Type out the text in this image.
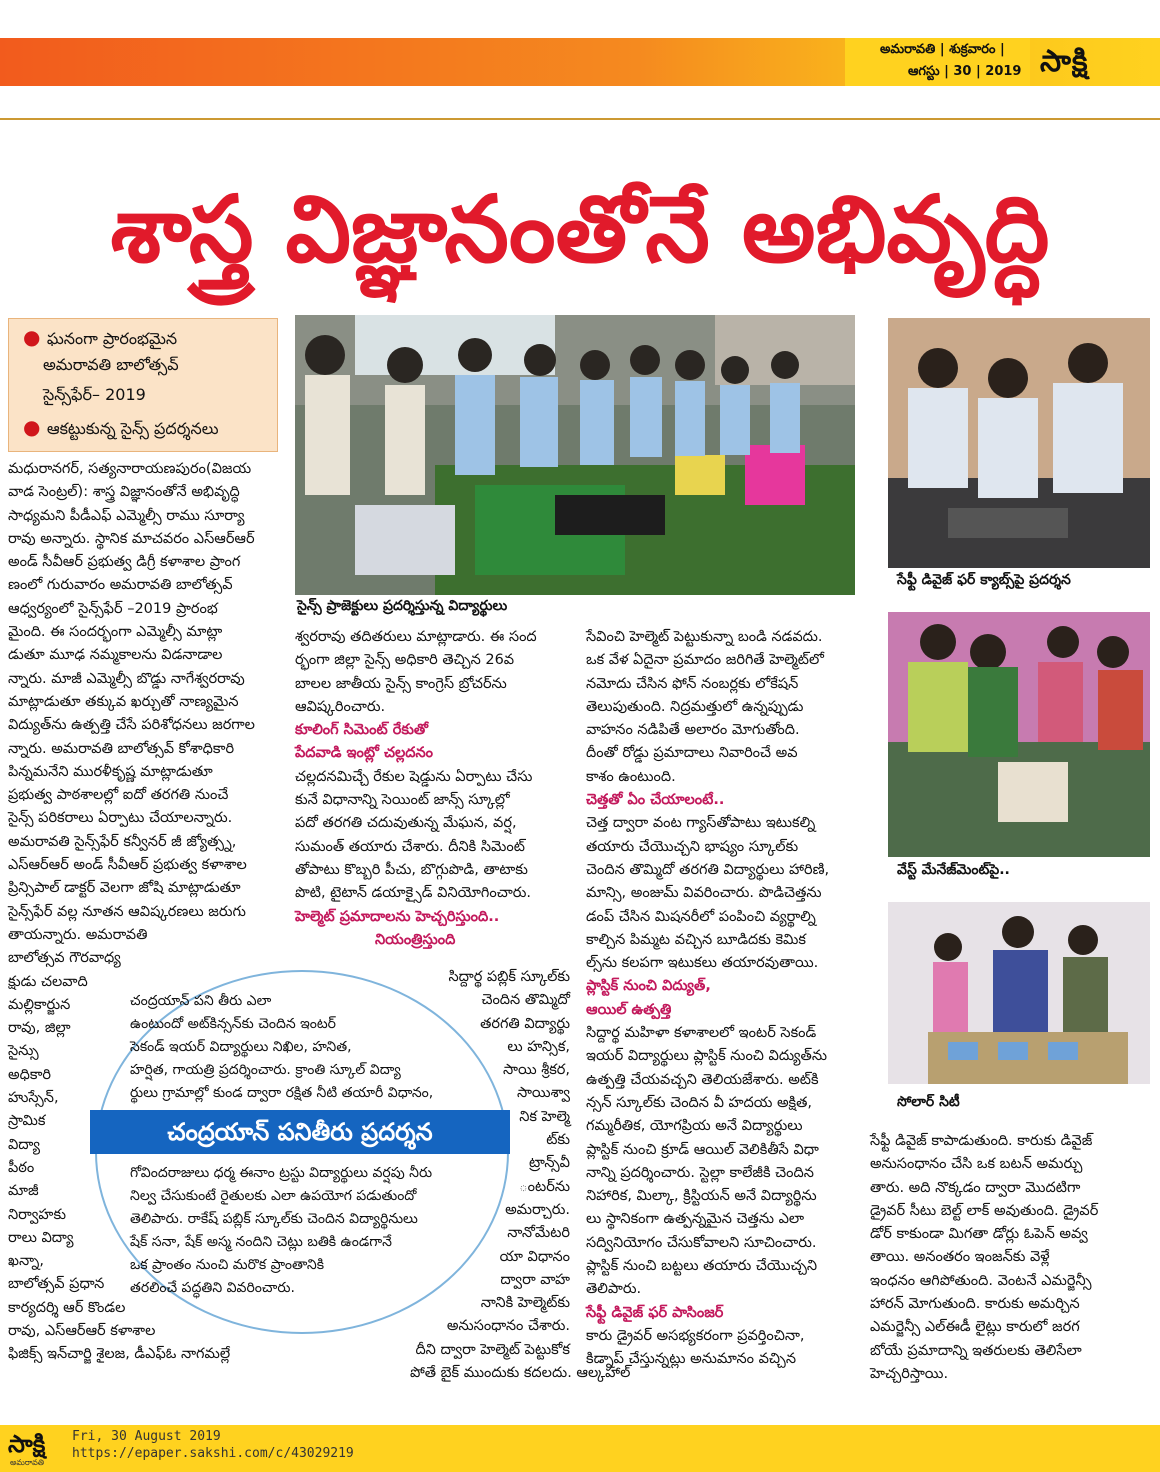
అమరావతి | శుక్రవారం |
ఆగస్టు | 30 | 2019 సాక్షి
శాస్త్ర విజ్ఞానంతోనే అభివృద్ధి
● ఘనంగా ప్రారంభమైన
అమరావతి బాలోత్సవ్
సైన్స్‌ఫేర్‌– 2019
● ఆకట్టుకున్న సైన్స్‌ ప్రదర్శనలు
సైన్స్‌ ప్రాజెక్టులు ప్రదర్శిస్తున్న విద్యార్థులు
సేఫ్టీ డివైజ్‌ ఫర్‌ క్యాబ్స్‌పై ప్రదర్శన
వేస్ట్‌ మేనేజ్‌మెంట్‌పై..
సోలార్‌ సిటీ

మధురానగర్‌, సత్యనారాయణపురం(విజయ

వాడ సెంట్రల్‌): శాస్త్ర విజ్ఞానంతోనే అభివృద్ధి

సాధ్యమని పీడీఎఫ్‌ ఎమ్మెల్సీ రాము సూర్యా

రావు అన్నారు. స్థానిక మాచవరం ఎస్‌ఆర్‌ఆర్‌

అండ్‌ సీవీఆర్‌ ప్రభుత్వ డిగ్రీ కళాశాల ప్రాంగ

ణంలో గురువారం అమరావతి బాలోత్సవ్‌

ఆధ్వర్యంలో సైన్స్‌ఫేర్‌ –2019 ప్రారంభ

మైంది. ఈ సందర్భంగా ఎమ్మెల్సీ మాట్లా

డుతూ మూఢ నమ్మకాలను విడనాడాల

న్నారు. మాజీ ఎమ్మెల్సీ బొడ్డు నాగేశ్వరరావు

మాట్లాడుతూ తక్కువ ఖర్చుతో నాణ్యమైన

విద్యుత్‌ను ఉత్పత్తి చేసే పరిశోధనలు జరగాల

న్నారు. అమరావతి బాలోత్సవ్‌ కోశాధికారి

పిన్నమనేని మురళీకృష్ణ మాట్లాడుతూ

ప్రభుత్వ పాఠశాలల్లో ఐదో తరగతి నుంచే

సైన్స్‌ పరికరాలు ఏర్పాటు చేయాలన్నారు.

అమరావతి సైన్స్‌ఫేర్‌ కన్వీనర్‌ జీ జ్యోత్స్న,

ఎస్‌ఆర్‌ఆర్‌ అండ్‌ సీవీఆర్‌ ప్రభుత్వ కళాశాల

ప్రిన్సిపాల్‌ డాక్టర్‌ వెలగా జోషి మాట్లాడుతూ

సైన్స్‌ఫేర్‌ వల్ల నూతన ఆవిష్కరణలు జరుగు

తాయన్నారు. అమరావతి

బాలోత్సవ గౌరవాధ్య

క్షుడు చలవాది

మల్లికార్జున

రావు, జిల్లా

సైన్సు

అధికారి

హుస్సేన్‌,

స్రామిక

విద్యా

పీఠం

మాజీ

నిర్వాహకు

రాలు విద్యా

ఖన్నా,

బాలోత్సవ్‌ ప్రధాన

కార్యదర్శి ఆర్‌ కొండల

రావు, ఎస్‌ఆర్‌ఆర్‌ కళాశాల

ఫిజిక్స్‌ ఇన్‌చార్జి శైలజ, డీఎఫ్‌ఓ నాగమల్లే

శ్వరరావు తదితరులు మాట్లాడారు. ఈ సంద

ర్భంగా జిల్లా సైన్స్‌ అధికారి తెచ్చిన 26వ

బాలల జాతీయ సైన్స్‌ కాంగ్రెస్‌ బ్రోచర్‌ను

ఆవిష్కరించారు.

కూలింగ్‌ సిమెంట్‌ రేకుతో

పేదవాడి ఇంట్లో చల్లదనం

చల్లదనమిచ్చే రేకుల షెడ్డును ఏర్పాటు చేసు

కునే విధానాన్ని సెయింట్‌ జాన్స్‌ స్కూల్లో

పదో తరగతి చదువుతున్న మేఘన, వర్ష,

సుమంత్‌ తయారు చేశారు. దీనికి సిమెంట్‌

తోపాటు కొబ్బరి పీచు, బొగ్గుపొడి, తాటాకు

పొటి, టైటాన్‌ డయాక్సైడ్‌ వినియోగించారు.

హెల్మెట్‌ ప్రమాదాలను హెచ్చరిస్తుంది..

నియంత్రిస్తుంది

సిద్దార్థ పబ్లిక్‌ స్కూల్‌కు

చెందిన తొమ్మిదో

తరగతి విద్యార్థు

లు హన్సిక,

సాయి శ్రీకర,

సాయిశ్వా

నిక హెల్మె

ట్‌కు

ట్రాన్స్‌వీ

ంటర్‌ను

అమర్చారు.

నానోమేటరి

యా విధానం

ద్వారా వాహ

నానికి హెల్మెట్‌కు

అనుసంధానం చేశారు.

దీని ద్వారా హెల్మెట్‌ పెట్టుకోక

పోతే బైక్‌ ముందుకు కదలదు. ఆల్కహాల్‌

చంద్రయాన్‌ పని తీరు ఎలా

ఉంటుందో అట్‌కిన్సన్‌కు చెందిన ఇంటర్‌

సెకండ్‌ ఇయర్‌ విద్యార్థులు నిఖిల, హనిత,

హర్షిత, గాయత్రి ప్రదర్శించారు. క్రాంతి స్కూల్‌ విద్యా

ర్థులు గ్రామాల్లో కుండ ద్వారా రక్షిత నీటి తయారీ విధానం,

చంద్రయాన్‌ పనితీరు ప్రదర్శన

గోవిందరాజులు ధర్మ ఈనాం ట్రస్టు విద్యార్థులు వర్షపు నీరు

నిల్వ చేసుకుంటే రైతులకు ఎలా ఉపయోగ పడుతుందో

తెలిపారు. రాకేష్‌ పబ్లిక్‌ స్కూల్‌కు చెందిన విద్యార్థినులు

షేక్‌ సనా, షేక్‌ అస్మ నందిని చెట్లు బతికి ఉండగానే

ఒక ప్రాంతం నుంచి మరొక ప్రాంతానికి

తరలించే పద్ధతిని వివరించారు.

సేవించి హెల్మెట్‌ పెట్టుకున్నా బండి నడవదు.

ఒక వేళ ఏదైనా ప్రమాదం జరిగితే హెల్మెట్‌లో

నమోదు చేసిన ఫోన్‌ నంబర్లకు లోకేషన్‌

తెలుపుతుంది. నిద్రమత్తులో ఉన్నప్పుడు

వాహనం నడిపితే అలారం మోగుతోంది.

దీంతో రోడ్డు ప్రమాదాలు నివారించే అవ

కాశం ఉంటుంది.

చెత్తతో ఏం చేయాలంటే..

చెత్త ద్వారా వంట గ్యాస్‌తోపాటు ఇటుకల్ని

తయారు చేయొచ్చని భాష్యం స్కూల్‌కు

చెందిన తొమ్మిదో తరగతి విద్యార్థులు హారిణి,

మాన్సి, అంజుమ్‌ వివరించారు. పొడిచెత్తను

డంప్‌ చేసిన మిషనరీలో పంపించి వ్యర్థాల్ని

కాల్చిన పిమ్మట వచ్చిన బూడిదకు కెమిక

ల్స్‌ను కలపగా ఇటుకలు తయారవుతాయి.

ప్లాస్టిక్‌ నుంచి విద్యుత్‌,

ఆయిల్‌ ఉత్పత్తి

సిద్దార్థ మహిళా కళాశాలలో ఇంటర్‌ సెకండ్‌

ఇయర్‌ విద్యార్థులు ప్లాస్టిక్‌ నుంచి విద్యుత్‌ను

ఉత్పత్తి చేయవచ్చని తెలియజేశారు. అట్‌కి

న్సన్‌ స్కూల్‌కు చెందిన వీ హదయ అక్షిత,

గమ్మరీతిక, యోగప్రియ అనే విద్యార్థులు

ప్లాస్టిక్‌ నుంచి క్రూడ్‌ ఆయిల్‌ వెలికితీసే విధా

నాన్ని ప్రదర్శించారు. స్టెల్లా కాలేజీకి చెందిన

నిహారిక, మిల్కా, క్రిస్టియన్‌ అనే విద్యార్థిను

లు స్థానికంగా ఉత్పన్నమైన చెత్తను ఎలా

సద్వినియోగం చేసుకోవాలని సూచించారు.

ప్లాస్టిక్‌ నుంచి బట్టలు తయారు చేయొచ్చని

తెలిపారు.

సేఫ్టీ డివైజ్‌ ఫర్‌ పాసింజర్‌

కారు డ్రైవర్‌ అసభ్యకరంగా ప్రవర్తించినా,

కిడ్నాప్‌ చేస్తున్నట్లు అనుమానం వచ్చిన

సేఫ్టీ డివైజ్‌ కాపాడుతుంది. కారుకు డివైజ్‌

అనుసంధానం చేసి ఒక బటన్‌ అమర్చు

తారు. అది నొక్కడం ద్వారా మొదటిగా

డ్రైవర్‌ సీటు బెల్ట్‌ లాక్‌ అవుతుంది. డ్రైవర్‌

డోర్‌ కాకుండా మిగతా డోర్లు ఓపెన్‌ అవ్వ

తాయి. అనంతరం ఇంజన్‌కు వెళ్లే

ఇంధనం ఆగిపోతుంది. వెంటనే ఎమర్జెన్సీ

హారన్‌ మోగుతుంది. కారుకు అమర్చిన

ఎమర్జెన్సీ ఎల్‌ఈడీ లైట్లు కారులో జరగ

బోయే ప్రమాదాన్ని ఇతరులకు తెలిసేలా

హెచ్చరిస్తాయి.

సాక్షి
అమరావతి
Fri, 30 August 2019
https://epaper.sakshi.com/c/43029219
